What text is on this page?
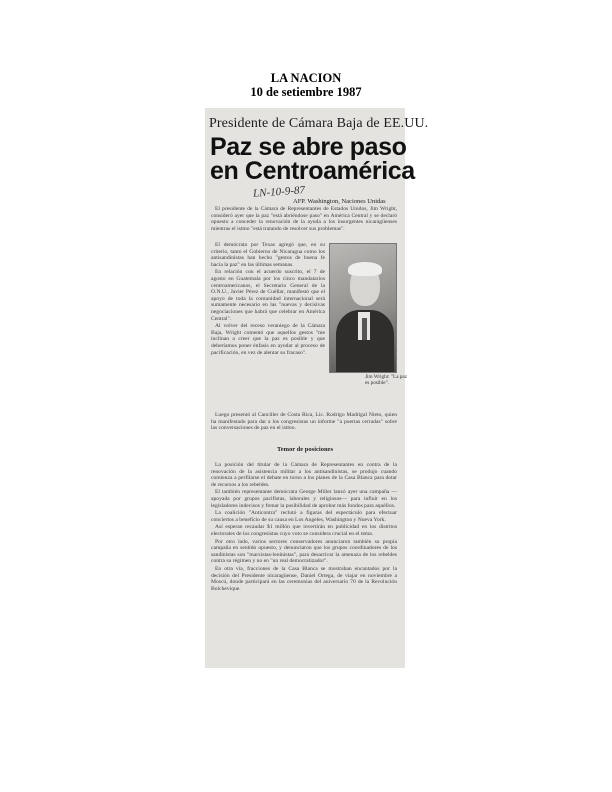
LA NACION
10 de setiembre 1987
Presidente de Cámara Baja de EE.UU.
Paz se abre paso
en Centroamérica
LN-10-9-87
AFP. Washington, Naciones Unidas

El presidente de la Cámara de Representantes de Estados Unidos, Jim Wright, consideró ayer que la paz "está abriéndose paso" en América Central y se declaró opuesto a conceder la renovación de la ayuda a los insurgentes nicaragüenses mientras el istmo "está tratando de resolver sus problemas".

El demócrata por Texas agregó que, en su criterio, tanto el Gobierno de Nicaragua como los antisandinistas han hecho "gestos de buena fe hacia la paz" en las últimas semanas.

En relación con el acuerdo suscrito, el 7 de agosto en Guatemala por los cinco mandatarios centroamericanos, el Secretario General de la O.N.U., Javier Pérez de Cuéllar, manifestó que el apoyo de toda la comunidad internacional será sumamente necesario en las "nuevas y decisivas negociaciones que habrá que celebrar en América Central".

Al volver del receso veraniego de la Cámara Baja, Wright comentó que aquellos gestos "me inclinan a creer que la paz es posible y que deberíamos poner énfasis en ayudar al proceso de pacificación, en vez de alentar su fracaso".

Jim Wright: "La paz es posible".

Luego presentó al Canciller de Costa Rica, Lic. Rodrigo Madrigal Nieto, quien ha manifestado para dar a los congresistas un informe "a puertas cerradas" sobre las conversaciones de paz en el istmo.

Temor de posiciones

La posición del titular de la Cámara de Representantes en contra de la renovación de la asistencia militar a los antisandinistas, se produjo cuando comienza a perfilarse el debate en torno a los planes de la Casa Blanca para dotar de recursos a los rebeldes.

El también representante demócrata George Miller lanzó ayer una campaña —apoyada por grupos pacifistas, laborales y religiosos— para influir en los legisladores indecisos y frenar la posibilidad de aprobar más fondos para aquéllos.

La coalición "Anticontra" reclutó a figuras del espectáculo para efectuar conciertos a beneficio de su causa en Los Angeles, Washington y Nueva York.

Así esperan recaudar $1 millón que invertirán en publicidad en los distritos electorales de los congresistas cuyo voto se considera crucial en el tema.

Por otro lado, varios sectores conservadores anunciaron también su propia campaña en sentido opuesto, y denunciaron que los grupos coordinadores de los sandinistas son "marxistas-leninistas", para desactivar la amenaza de los rebeldes contra su régimen y no en "un real democratizador".

En otra vía, fracciones de la Casa Blanca se mostraban encantados por la decisión del Presidente nicaragüense, Daniel Ortega, de viajar en noviembre a Moscú, donde participará en las ceremonias del aniversario 70 de la Revolución Bolchevique.
